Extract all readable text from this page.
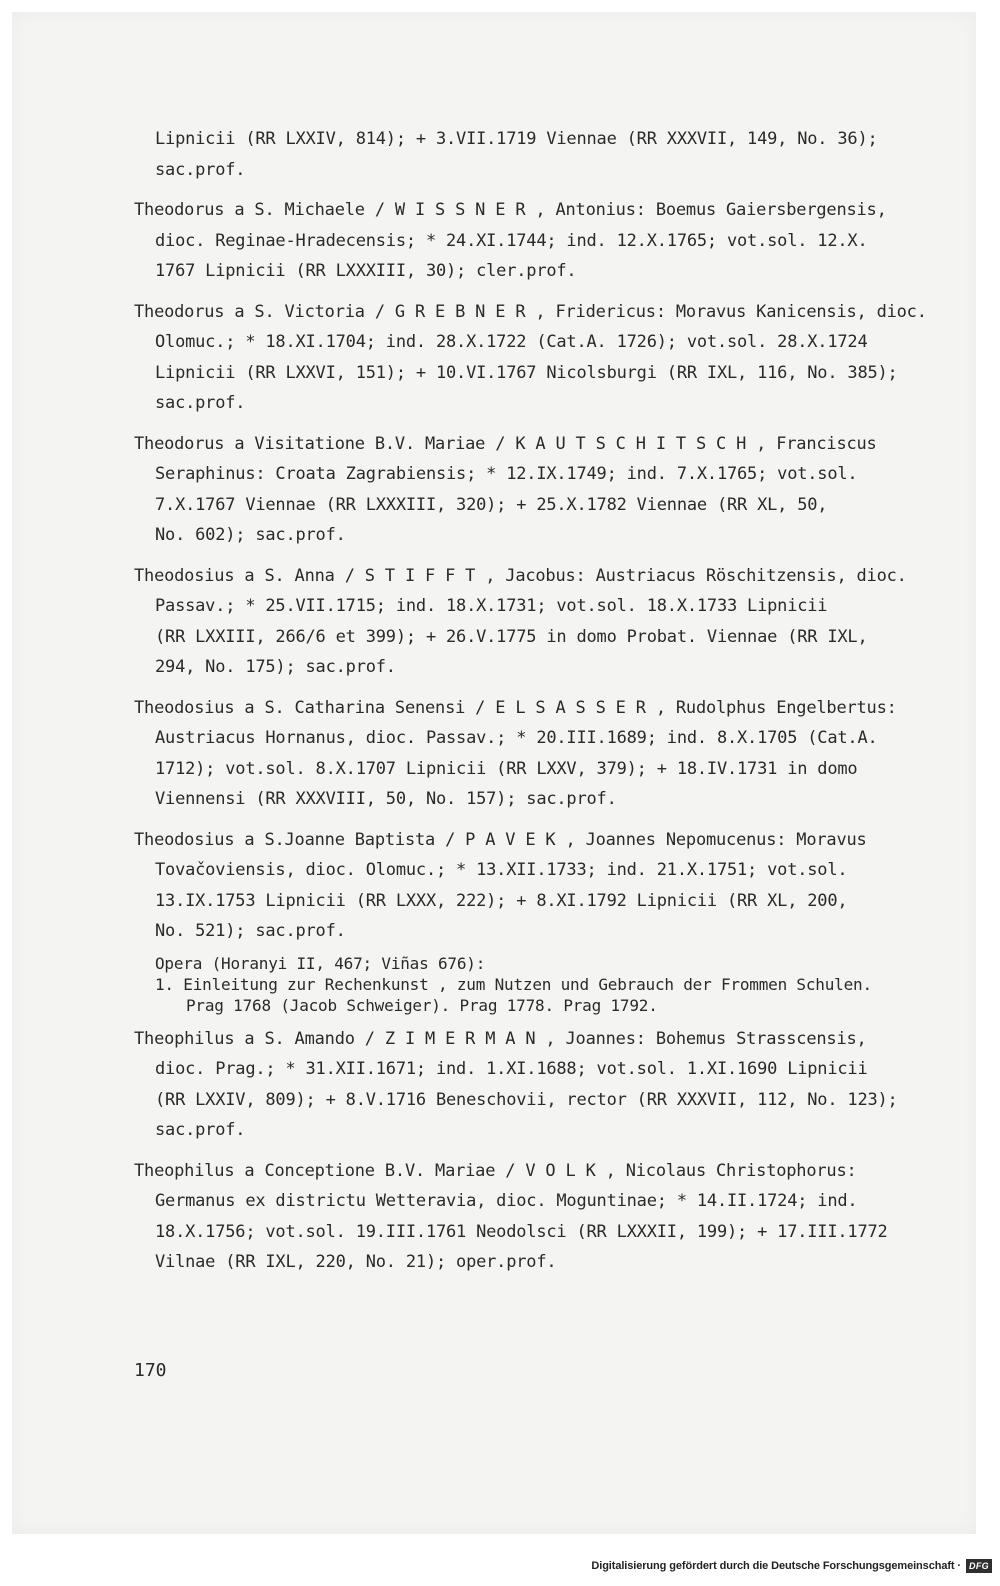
Lipnicii (RR LXXIV, 814); + 3.VII.1719 Viennae (RR XXXVII, 149, No. 36);
sac.prof.
Theodorus a S. Michaele / W I S S N E R , Antonius: Boemus Gaiersbergensis,
dioc. Reginae-Hradecensis; * 24.XI.1744; ind. 12.X.1765; vot.sol. 12.X.
1767 Lipnicii (RR LXXXIII, 30); cler.prof.
Theodorus a S. Victoria / G R E B N E R , Fridericus: Moravus Kanicensis, dioc.
Olomuc.; * 18.XI.1704; ind. 28.X.1722 (Cat.A. 1726); vot.sol. 28.X.1724
Lipnicii (RR LXXVI, 151); + 10.VI.1767 Nicolsburgi (RR IXL, 116, No. 385);
sac.prof.
Theodorus a Visitatione B.V. Mariae / K A U T S C H I T S C H , Franciscus
Seraphinus: Croata Zagrabiensis; * 12.IX.1749; ind. 7.X.1765; vot.sol.
7.X.1767 Viennae (RR LXXXIII, 320); + 25.X.1782 Viennae (RR XL, 50,
No. 602); sac.prof.
Theodosius a S. Anna / S T I F F T , Jacobus: Austriacus Röschitzensis, dioc.
Passav.; * 25.VII.1715; ind. 18.X.1731; vot.sol. 18.X.1733 Lipnicii
(RR LXXIII, 266/6 et 399); + 26.V.1775 in domo Probat. Viennae (RR IXL,
294, No. 175); sac.prof.
Theodosius a S. Catharina Senensi / E L S A S S E R , Rudolphus Engelbertus:
Austriacus Hornanus, dioc. Passav.; * 20.III.1689; ind. 8.X.1705 (Cat.A.
1712); vot.sol. 8.X.1707 Lipnicii (RR LXXV, 379); + 18.IV.1731 in domo
Viennensi (RR XXXVIII, 50, No. 157); sac.prof.
Theodosius a S.Joanne Baptista / P A V E K , Joannes Nepomucenus: Moravus
Tovačoviensis, dioc. Olomuc.; * 13.XII.1733; ind. 21.X.1751; vot.sol.
13.IX.1753 Lipnicii (RR LXXX, 222); + 8.XI.1792 Lipnicii (RR XL, 200,
No. 521); sac.prof.
Opera (Horanyi II, 467; Viñas 676):
1. Einleitung zur Rechenkunst , zum Nutzen und Gebrauch der Frommen Schulen.
Prag 1768 (Jacob Schweiger). Prag 1778. Prag 1792.
Theophilus a S. Amando / Z I M E R M A N , Joannes: Bohemus Strasscensis,
dioc. Prag.; * 31.XII.1671; ind. 1.XI.1688; vot.sol. 1.XI.1690 Lipnicii
(RR LXXIV, 809); + 8.V.1716 Beneschovii, rector (RR XXXVII, 112, No. 123);
sac.prof.
Theophilus a Conceptione B.V. Mariae / V O L K , Nicolaus Christophorus:
Germanus ex districtu Wetteravia, dioc. Moguntinae; * 14.II.1724; ind.
18.X.1756; vot.sol. 19.III.1761 Neodolsci (RR LXXXII, 199); + 17.III.1772
Vilnae (RR IXL, 220, No. 21); oper.prof.
170
Digitalisierung gefördert durch die Deutsche Forschungsgemeinschaft · DFG
